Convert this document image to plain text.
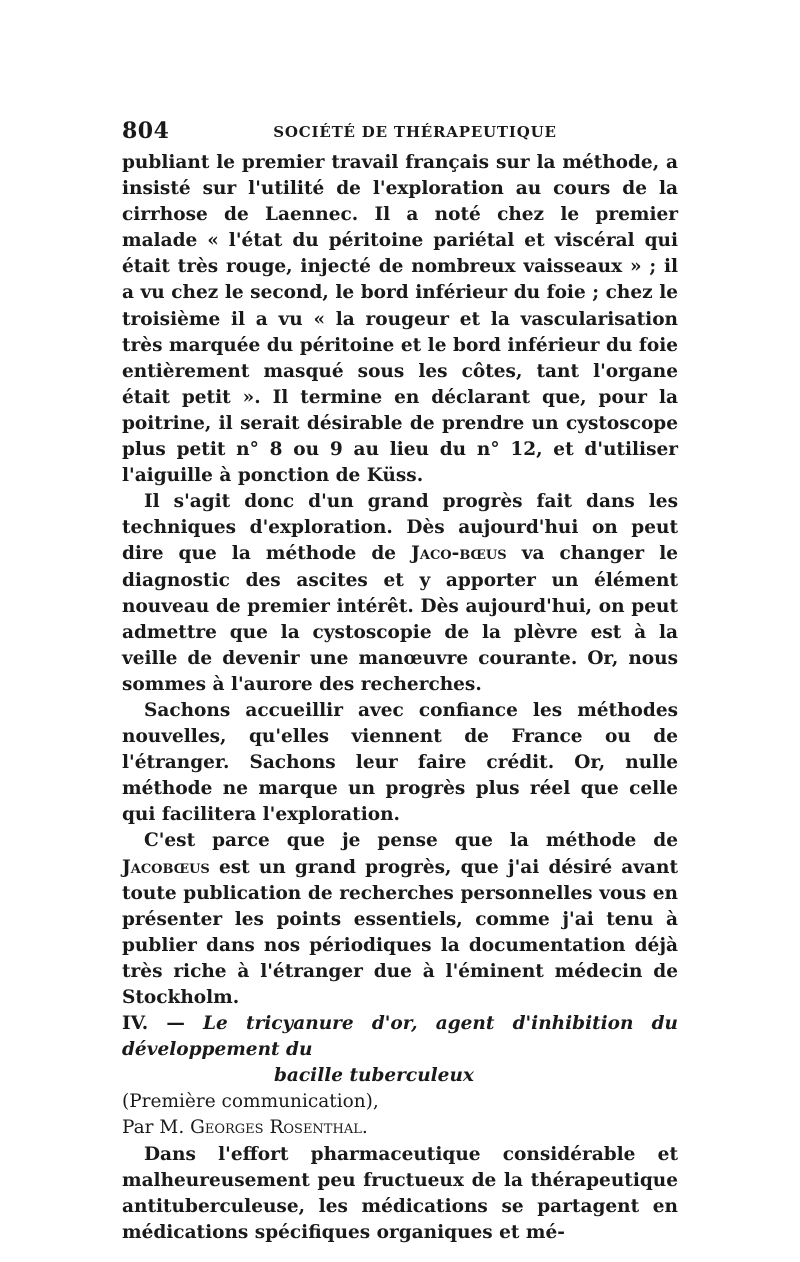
804	SOCIÉTÉ DE THÉRAPEUTIQUE

publiant le premier travail français sur la méthode, a insisté sur l'utilité de l'exploration au cours de la cirrhose de Laennec. Il a noté chez le premier malade « l'état du péritoine pariétal et viscéral qui était très rouge, injecté de nombreux vaisseaux » ; il a vu chez le second, le bord inférieur du foie ; chez le troisième il a vu « la rougeur et la vascularisation très marquée du péritoine et le bord inférieur du foie entièrement masqué sous les côtes, tant l'organe était petit ». Il termine en déclarant que, pour la poitrine, il serait désirable de prendre un cystoscope plus petit n° 8 ou 9 au lieu du n° 12, et d'utiliser l'aiguille à ponction de Küss.

Il s'agit donc d'un grand progrès fait dans les techniques d'exploration. Dès aujourd'hui on peut dire que la méthode de Jaco-bœus va changer le diagnostic des ascites et y apporter un élément nouveau de premier intérêt. Dès aujourd'hui, on peut admettre que la cystoscopie de la plèvre est à la veille de devenir une manœuvre courante. Or, nous sommes à l'aurore des recherches.

Sachons accueillir avec confiance les méthodes nouvelles, qu'elles viennent de France ou de l'étranger. Sachons leur faire crédit. Or, nulle méthode ne marque un progrès plus réel que celle qui facilitera l'exploration.

C'est parce que je pense que la méthode de Jacobœus est un grand progrès, que j'ai désiré avant toute publication de recherches personnelles vous en présenter les points essentiels, comme j'ai tenu à publier dans nos périodiques la documentation déjà très riche à l'étranger due à l'éminent médecin de Stockholm.

IV. — Le tricyanure d'or, agent d'inhibition du développement du
bacille tuberculeux

(Première communication),

Par M. Georges Rosenthal.

Dans l'effort pharmaceutique considérable et malheureusement peu fructueux de la thérapeutique antituberculeuse, les médications se partagent en médications spécifiques organiques et mé-
